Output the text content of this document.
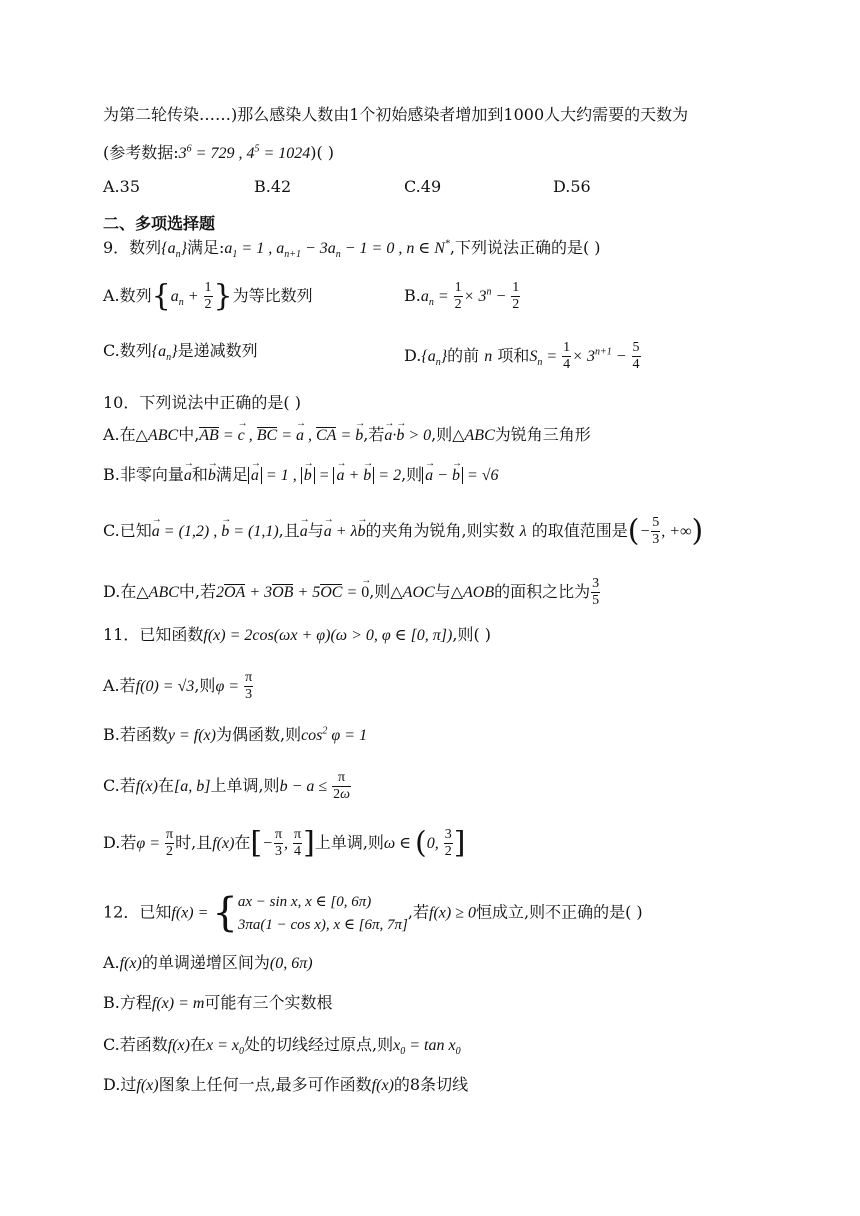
为第二轮传染……)那么感染人数由1个初始感染者增加到1000人大约需要的天数为
(参考数据$:3^6 = 729$ , $4^5 = 1024$)( )
A.35	B.42	C.49	D.56
二、多项选择题
9．数列$\{a_n\}$满足$:a_1 = 1$ , $a_{n+1} - 3a_n - 1 = 0$ , n ∈ N*,下列说法正确的是( )
A.数列{$a_n + \frac{1}{2}$ }为等比数列	$B.a_n = \frac{1}{2} \times 3^n - \frac{1}{2}$
C.数列$\{a_n\}$是递减数列	$D.\{a_n\}$的前 n 项和$S_n = \frac{1}{4} \times 3^{n+1} - \frac{5}{4}$
10．下列说法中正确的是( )
A.在△ABC中,AB = → c , BC = → a , CA = → b,若→ a·→ b > 0,则△ABC为锐角三角形
B.非零向量→ a和→ b满足 → a = 1 , → b = → a + → b = 2,则 → a − → b = √6
C.已知→ a = (1,2) , → b = (1,1),且→ a与→ a + λ→ b的夹角为锐角,则实数 λ 的取值范围是(− $\frac{5}{3}$ , +∞)
D.在△ABC中,若2OA + 3OB + 5OC = → 0,则△AOC与△AOB的面积之比为 $\frac{3}{5}$
11．已知函数f(x) = 2cos(ωx + φ)(ω > 0, φ ∈ [0, π]),则( )
A.若f(0) = √3,则$\varphi = \frac{\pi}{3}$
B.若函数y = f(x)为偶函数,则$\cos^2 \varphi = 1$
C.若f(x)在[a, b]上单调,则$b - a \le \frac{\pi}{2\omega}$
D.若$\varphi = \frac{\pi}{2}$ 时,且f(x)在[− $\frac{\pi}{3}$ , $\frac{\pi}{4}$ ]上单调,则ω ∈ (0, $\frac{3}{2}$ ]
12．已知f(x) = {ax − sin x, x ∈ [0, 6π)
3πa(1 − cos x), x ∈ [6π, 7π],若f(x) ≥ 0恒成立,则不正确的是( )
A.f(x)的单调递增区间为(0, 6π)
B.方程f(x) = m可能有三个实数根
C.若函数f(x)在$x = x_0$处的切线经过原点,则$x_0 = \tan x_0$
D.过f(x)图象上任何一点,最多可作函数f(x)的8条切线
